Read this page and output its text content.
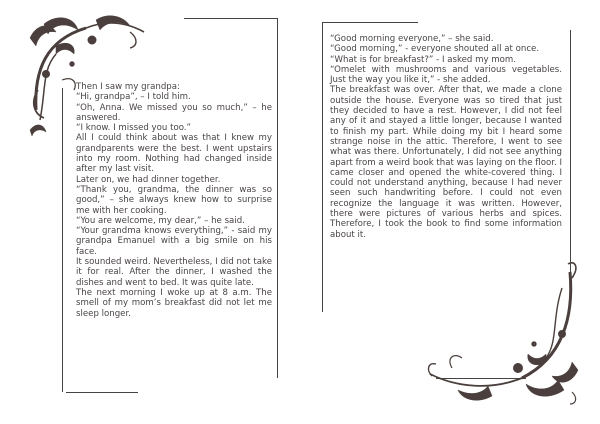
Then I saw my grandpa:

“Hi, grandpa”, – I told him.

“Oh, Anna. We missed you so much,” – he answered.

“I know. I missed you too.”

All I could think about was that I knew my grandparents were the best. I went upstairs into my room. Nothing had changed inside after my last visit.

Later on, we had dinner together.

“Thank you, grandma, the dinner was so good,” – she always knew how to surprise me with her cooking.

“You are welcome, my dear,” – he said.

“Your grandma knows everything,” - said my grandpa Emanuel with a big smile on his face.

It sounded weird. Nevertheless, I did not take it for real. After the dinner, I washed the dishes and went to bed. It was quite late.

The next morning I woke up at 8 a.m. The smell of my mom’s breakfast did not let me sleep longer.

“Good morning everyone,” – she said.

“Good morning,” - everyone shouted all at once.

“What is for breakfast?” - I asked my mom.

“Omelet with mushrooms and various vegetables. Just the way you like it,” - she added.

The breakfast was over. After that, we made a clone outside the house. Everyone was so tired that just they decided to have a rest. However, I did not feel any of it and stayed a little longer, because I wanted to finish my part. While doing my bit I heard some strange noise in the attic. Therefore, I went to see what was there. Unfortunately, I did not see anything apart from a weird book that was laying on the floor. I came closer and opened the white-covered thing. I could not understand anything, because I had never seen such handwriting before. I could not even recognize the language it was written. However, there were pictures of various herbs and spices. Therefore, I took the book to find some information about it.
